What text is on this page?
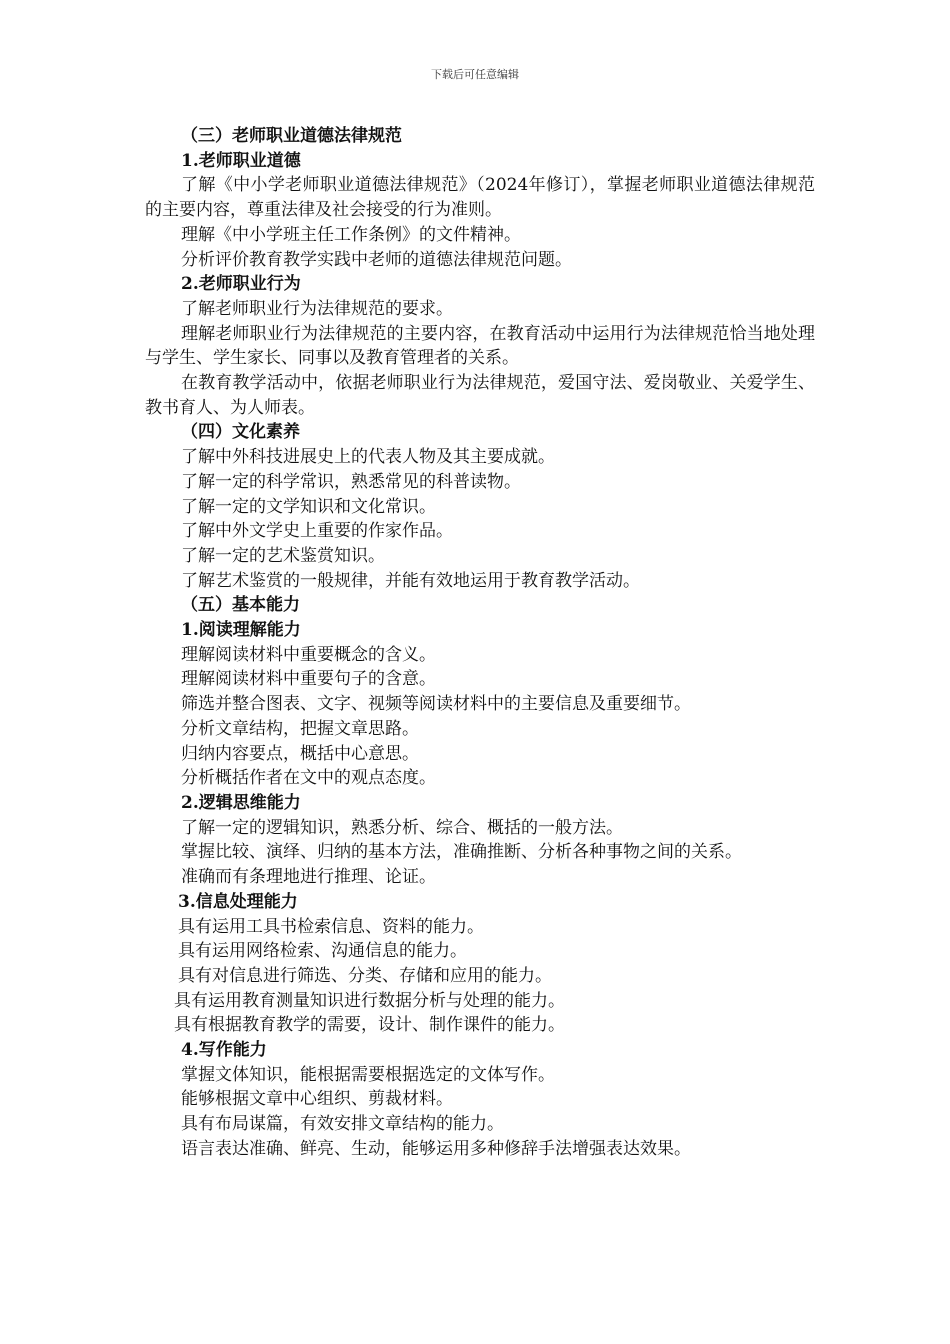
下载后可任意编辑
（三）老师职业道德法律规范
1.老师职业道德
了解《中小学老师职业道德法律规范》（2024年修订），掌握老师职业道德法律规范的主要内容，尊重法律及社会接受的行为准则。
理解《中小学班主任工作条例》的文件精神。
分析评价教育教学实践中老师的道德法律规范问题。
2.老师职业行为
了解老师职业行为法律规范的要求。
理解老师职业行为法律规范的主要内容，在教育活动中运用行为法律规范恰当地处理与学生、学生家长、同事以及教育管理者的关系。
在教育教学活动中，依据老师职业行为法律规范，爱国守法、爱岗敬业、关爱学生、教书育人、为人师表。
（四）文化素养
了解中外科技进展史上的代表人物及其主要成就。
了解一定的科学常识，熟悉常见的科普读物。
了解一定的文学知识和文化常识。
了解中外文学史上重要的作家作品。
了解一定的艺术鉴赏知识。
了解艺术鉴赏的一般规律，并能有效地运用于教育教学活动。
（五）基本能力
1.阅读理解能力
理解阅读材料中重要概念的含义。
理解阅读材料中重要句子的含意。
筛选并整合图表、文字、视频等阅读材料中的主要信息及重要细节。
分析文章结构，把握文章思路。
归纳内容要点，概括中心意思。
分析概括作者在文中的观点态度。
2.逻辑思维能力
了解一定的逻辑知识，熟悉分析、综合、概括的一般方法。
掌握比较、演绎、归纳的基本方法，准确推断、分析各种事物之间的关系。
准确而有条理地进行推理、论证。
3.信息处理能力
具有运用工具书检索信息、资料的能力。
具有运用网络检索、沟通信息的能力。
具有对信息进行筛选、分类、存储和应用的能力。
具有运用教育测量知识进行数据分析与处理的能力。
具有根据教育教学的需要，设计、制作课件的能力。
4.写作能力
掌握文体知识，能根据需要根据选定的文体写作。
能够根据文章中心组织、剪裁材料。
具有布局谋篇，有效安排文章结构的能力。
语言表达准确、鲜亮、生动，能够运用多种修辞手法增强表达效果。
